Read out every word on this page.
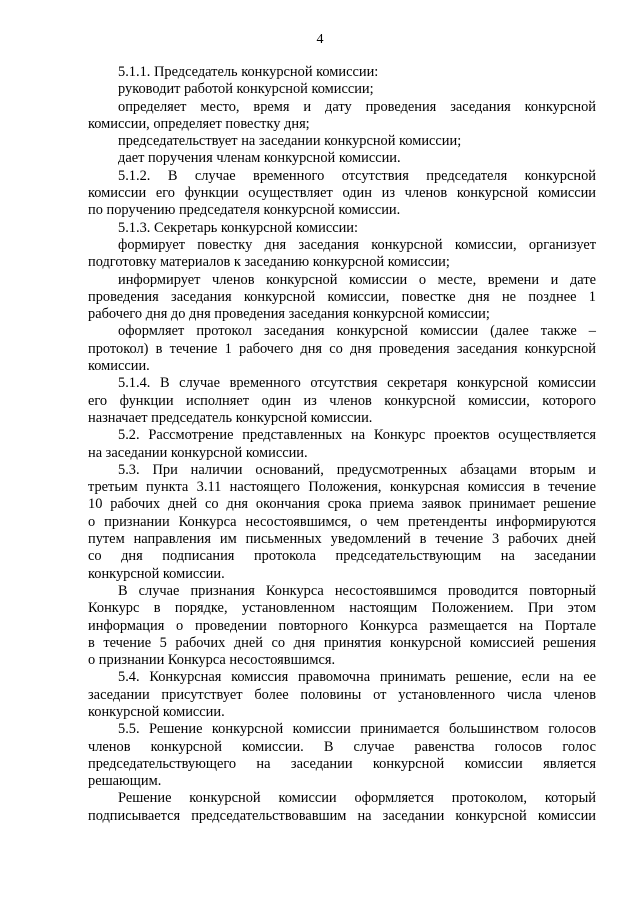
4
5.1.1. Председатель конкурсной комиссии:
руководит работой конкурсной комиссии;
определяет место, время и дату проведения заседания конкурсной
комиссии, определяет повестку дня;
председательствует на заседании конкурсной комиссии;
дает поручения членам конкурсной комиссии.
5.1.2. В случае временного отсутствия председателя конкурсной
комиссии его функции осуществляет один из членов конкурсной комиссии
по поручению председателя конкурсной комиссии.
5.1.3. Секретарь конкурсной комиссии:
формирует повестку дня заседания конкурсной комиссии, организует
подготовку материалов к заседанию конкурсной комиссии;
информирует членов конкурсной комиссии о месте, времени и дате
проведения заседания конкурсной комиссии, повестке дня не позднее 1
рабочего дня до дня проведения заседания конкурсной комиссии;
оформляет протокол заседания конкурсной комиссии (далее также –
протокол) в течение 1 рабочего дня со дня проведения заседания конкурсной
комиссии.
5.1.4. В случае временного отсутствия секретаря конкурсной комиссии
его функции исполняет один из членов конкурсной комиссии, которого
назначает председатель конкурсной комиссии.
5.2. Рассмотрение представленных на Конкурс проектов осуществляется
на заседании конкурсной комиссии.
5.3. При наличии оснований, предусмотренных абзацами вторым и
третьим пункта 3.11 настоящего Положения, конкурсная комиссия в течение
10 рабочих дней со дня окончания срока приема заявок принимает решение
о признании Конкурса несостоявшимся, о чем претенденты информируются
путем направления им письменных уведомлений в течение 3 рабочих дней
со дня подписания протокола председательствующим на заседании
конкурсной комиссии.
В случае признания Конкурса несостоявшимся проводится повторный
Конкурс в порядке, установленном настоящим Положением. При этом
информация о проведении повторного Конкурса размещается на Портале
в течение 5 рабочих дней со дня принятия конкурсной комиссией решения
о признании Конкурса несостоявшимся.
5.4. Конкурсная комиссия правомочна принимать решение, если на ее
заседании присутствует более половины от установленного числа членов
конкурсной комиссии.
5.5. Решение конкурсной комиссии принимается большинством голосов
членов конкурсной комиссии. В случае равенства голосов голос
председательствующего на заседании конкурсной комиссии является
решающим.
Решение конкурсной комиссии оформляется протоколом, который
подписывается председательствовавшим на заседании конкурсной комиссии
